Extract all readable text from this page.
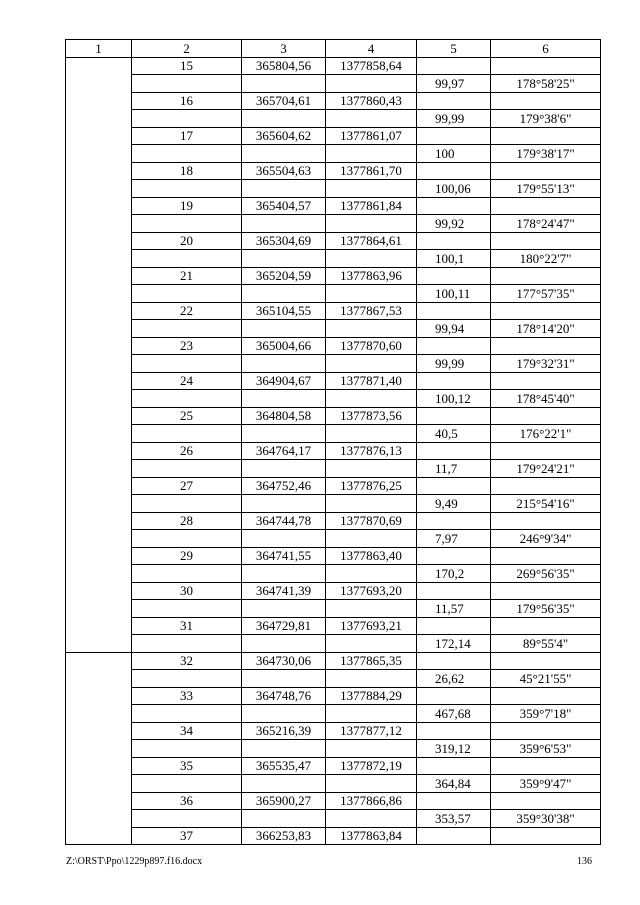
1	2	3	4	5	6
	15	365804,56	1377858,64		
				99,97	178°58'25"
	16	365704,61	1377860,43		
				99,99	179°38'6"
	17	365604,62	1377861,07		
				100	179°38'17"
	18	365504,63	1377861,70		
				100,06	179°55'13"
	19	365404,57	1377861,84		
				99,92	178°24'47"
	20	365304,69	1377864,61		
				100,1	180°22'7"
	21	365204,59	1377863,96		
				100,11	177°57'35"
	22	365104,55	1377867,53		
				99,94	178°14'20"
	23	365004,66	1377870,60		
				99,99	179°32'31"
	24	364904,67	1377871,40		
				100,12	178°45'40"
	25	364804,58	1377873,56		
				40,5	176°22'1"
	26	364764,17	1377876,13		
				11,7	179°24'21"
	27	364752,46	1377876,25		
				9,49	215°54'16"
	28	364744,78	1377870,69		
				7,97	246°9'34"
	29	364741,55	1377863,40		
				170,2	269°56'35"
	30	364741,39	1377693,20		
				11,57	179°56'35"
	31	364729,81	1377693,21		
				172,14	89°55'4"
	32	364730,06	1377865,35		
				26,62	45°21'55"
	33	364748,76	1377884,29		
				467,68	359°7'18"
	34	365216,39	1377877,12		
				319,12	359°6'53"
	35	365535,47	1377872,19		
				364,84	359°9'47"
	36	365900,27	1377866,86		
				353,57	359°30'38"
	37	366253,83	1377863,84		
Z:\ORST\Ppo\1229p897.f16.docx	136
